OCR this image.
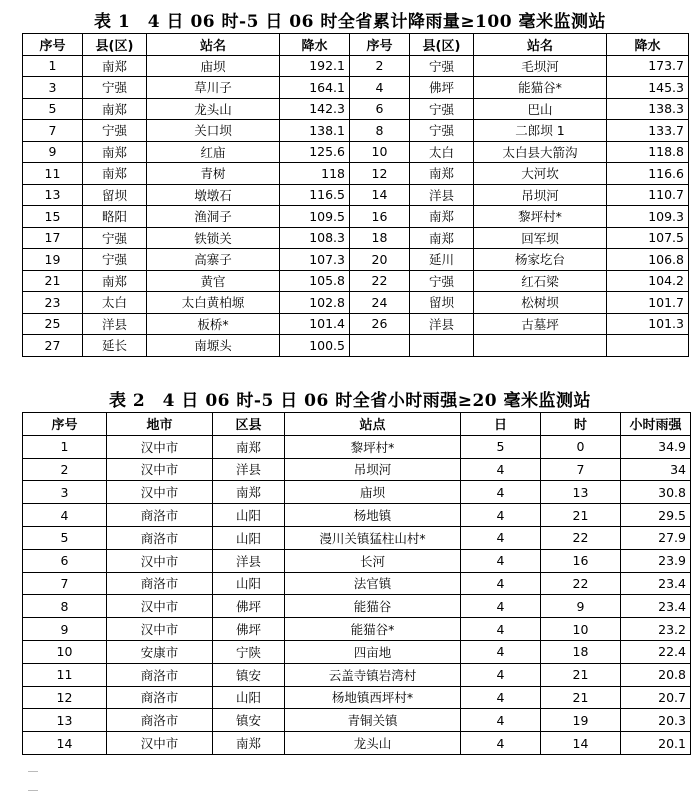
表 1　4 日 06 时-5 日 06 时全省累计降雨量≥100 毫米监测站
序号	县(区)	站名	降水	序号	县(区)	站名	降水
1	南郑	庙坝	192.1	2	宁强	毛坝河	173.7
3	宁强	草川子	164.1	4	佛坪	能猫谷*	145.3
5	南郑	龙头山	142.3	6	宁强	巴山	138.3
7	宁强	关口坝	138.1	8	宁强	二郎坝 1	133.7
9	南郑	红庙	125.6	10	太白	太白县大箭沟	118.8
11	南郑	青树	118	12	南郑	大河坎	116.6
13	留坝	墩墩石	116.5	14	洋县	吊坝河	110.7
15	略阳	渔洞子	109.5	16	南郑	黎坪村*	109.3
17	宁强	铁锁关	108.3	18	南郑	回军坝	107.5
19	宁强	高寨子	107.3	20	延川	杨家圪台	106.8
21	南郑	黄官	105.8	22	宁强	红石梁	104.2
23	太白	太白黄柏塬	102.8	24	留坝	松树坝	101.7
25	洋县	板桥*	101.4	26	洋县	古墓坪	101.3
27	延长	南塬头	100.5				
表 2　4 日 06 时-5 日 06 时全省小时雨强≥20 毫米监测站
序号	地市	区县	站点	日	时	小时雨强
1	汉中市	南郑	黎坪村*	5	0	34.9
2	汉中市	洋县	吊坝河	4	7	34
3	汉中市	南郑	庙坝	4	13	30.8
4	商洛市	山阳	杨地镇	4	21	29.5
5	商洛市	山阳	漫川关镇猛柱山村*	4	22	27.9
6	汉中市	洋县	长河	4	16	23.9
7	商洛市	山阳	法官镇	4	22	23.4
8	汉中市	佛坪	能猫谷	4	9	23.4
9	汉中市	佛坪	能猫谷*	4	10	23.2
10	安康市	宁陕	四亩地	4	18	22.4
11	商洛市	镇安	云盖寺镇岩湾村	4	21	20.8
12	商洛市	山阳	杨地镇西坪村*	4	21	20.7
13	商洛市	镇安	青铜关镇	4	19	20.3
14	汉中市	南郑	龙头山	4	14	20.1
